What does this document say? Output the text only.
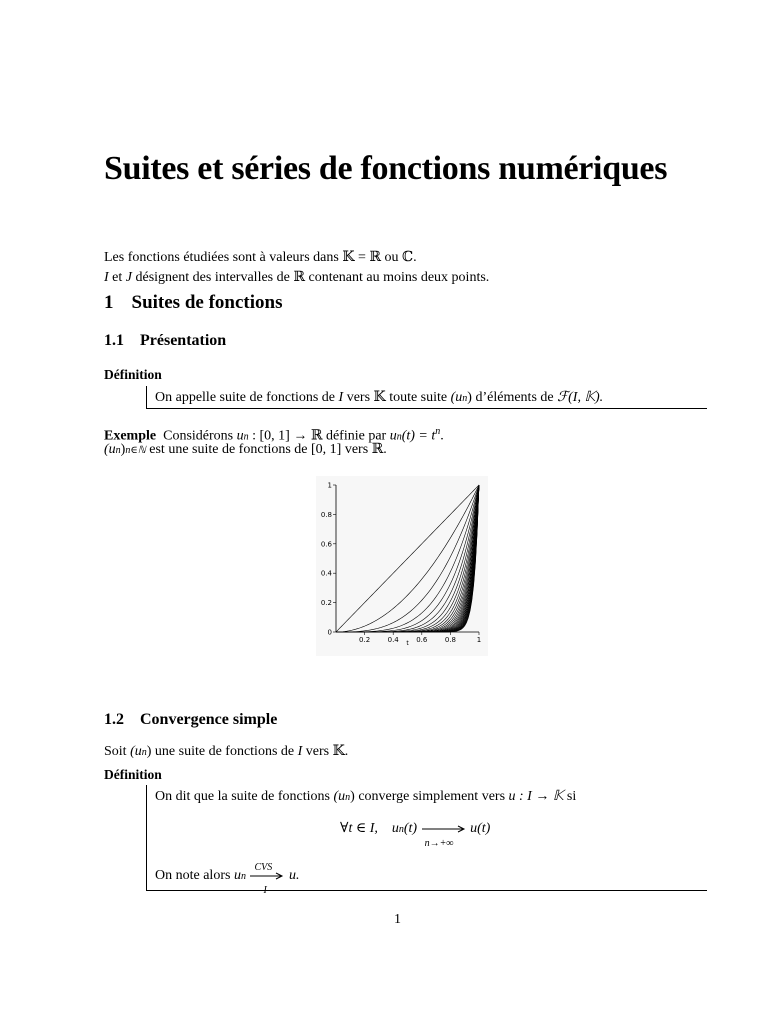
Suites et séries de fonctions numériques
Les fonctions étudiées sont à valeurs dans 𝕂 = ℝ ou ℂ.
I et J désignent des intervalles de ℝ contenant au moins deux points.
1 Suites de fonctions
1.1 Présentation
Définition
On appelle suite de fonctions de I vers 𝕂 toute suite (un) d’éléments de ℱ(I, 𝕂).
Exemple Considérons un : [0, 1] → ℝ définie par $un(t) = t^n$.
(un)n∈ℕ est une suite de fonctions de [0, 1] vers ℝ.
0.2 0.4 0.6 0.8	1
0
0.2
0.4
0.6
0.8
1
t
1.2 Convergence simple
Soit (un) une suite de fonctions de I vers 𝕂.
Définition
On dit que la suite de fonctions (un) converge simplement vers u : I → 𝕂 si
∀t ∈ I, un(t)
n→+∞
u(t)
On note alors un
CVS
I
u.
1
